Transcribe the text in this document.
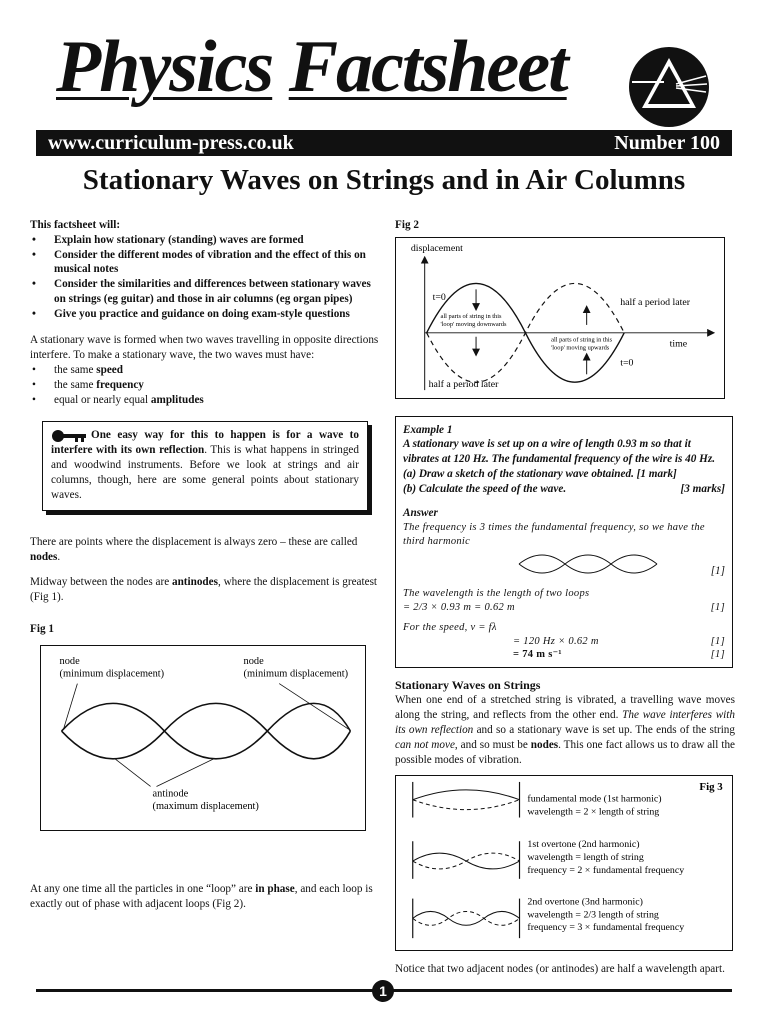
Physics Factsheet
www.curriculum-press.co.uk	Number 100
Stationary Waves on Strings and in Air Columns
This factsheet will:
• Explain how stationary (standing) waves are formed
• Consider the different modes of vibration and the effect of this on musical notes
• Consider the similarities and differences between stationary waves on strings (eg guitar) and those in air columns (eg organ pipes)
• Give you practice and guidance on doing exam-style questions

A stationary wave is formed when two waves travelling in opposite directions interfere. To make a stationary wave, the two waves must have:

• the same speed
• the same frequency
• equal or nearly equal amplitudes
One easy way for this to happen is for a wave to interfere with its own reflection. This is what happens in stringed and woodwind instruments. Before we look at strings and air columns, though, here are some general points about stationary waves.

There are points where the displacement is always zero – these are called nodes.

Midway between the nodes are antinodes, where the displacement is greatest (Fig 1).

Fig 1
node
(minimum displacement)
node
(minimum displacement)
antinode
(maximum displacement)

At any one time all the particles in one “loop” are in phase, and each loop is exactly out of phase with adjacent loops (Fig 2).

Fig 2
displacement
time
t=0	half a period later
t=0
half a period later
all parts of string in this
'loop' moving downwards
all parts of string in this
'loop' moving upwards
Example 1
A stationary wave is set up on a wire of length 0.93 m so that it vibrates at 120 Hz. The fundamental frequency of the wire is 40 Hz.
(a) Draw a sketch of the stationary wave obtained. [1 mark]
(b) Calculate the speed of the wave.	[3 marks]
Answer
The frequency is 3 times the fundamental frequency, so we have the third harmonic
[1]
The wavelength is the length of two loops
= 2/3 × 0.93 m = 0.62 m	[1]
For the speed, v = fλ
= 120 Hz × 0.62 m	[1]
= 74 m s⁻¹	[1]
Stationary Waves on Strings
When one end of a stretched string is vibrated, a travelling wave moves along the string, and reflects from the other end. The wave interferes with its own reflection and so a stationary wave is set up. The ends of the string can not move, and so must be nodes. This one fact allows us to draw all the possible modes of vibration.
Fig 3
fundamental mode (1st harmonic)
wavelength = 2 × length of string
1st overtone (2nd harmonic)
wavelength = length of string
frequency = 2 × fundamental frequency
2nd overtone (3nd harmonic)
wavelength = 2/3 length of string
frequency = 3 × fundamental frequency
Notice that two adjacent nodes (or antinodes) are half a wavelength apart.
1
